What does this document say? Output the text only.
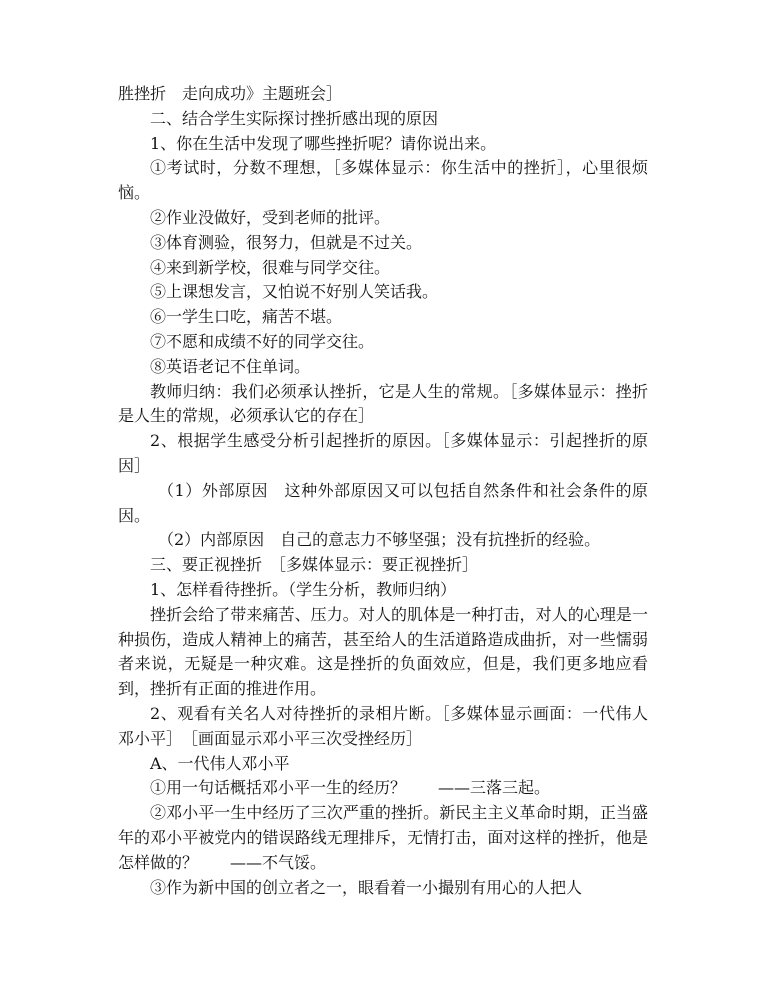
胜挫折　走向成功》主题班会］

二、结合学生实际探讨挫折感出现的原因

1、你在生活中发现了哪些挫折呢？请你说出来。

①考试时，分数不理想，［多媒体显示：你生活中的挫折］，心里很烦恼。

②作业没做好，受到老师的批评。

③体育测验，很努力，但就是不过关。

④来到新学校，很难与同学交往。

⑤上课想发言，又怕说不好别人笑话我。

⑥一学生口吃，痛苦不堪。

⑦不愿和成绩不好的同学交往。

⑧英语老记不住单词。

教师归纳：我们必须承认挫折，它是人生的常规。［多媒体显示：挫折是人生的常规，必须承认它的存在］

2、根据学生感受分析引起挫折的原因。［多媒体显示：引起挫折的原因］

（1）外部原因　这种外部原因又可以包括自然条件和社会条件的原因。

（2）内部原因　自己的意志力不够坚强；没有抗挫折的经验。

三、要正视挫折　［多媒体显示：要正视挫折］

1、怎样看待挫折。（学生分析，教师归纳）

挫折会给了带来痛苦、压力。对人的肌体是一种打击，对人的心理是一种损伤，造成人精神上的痛苦，甚至给人的生活道路造成曲折，对一些懦弱者来说，无疑是一种灾难。这是挫折的负面效应，但是，我们更多地应看到，挫折有正面的推进作用。

2、观看有关名人对待挫折的录相片断。［多媒体显示画面：一代伟人邓小平］　［画面显示邓小平三次受挫经历］

A、一代伟人邓小平

①用一句话概括邓小平一生的经历？　　——三落三起。

②邓小平一生中经历了三次严重的挫折。新民主主义革命时期，正当盛年的邓小平被党内的错误路线无理排斥，无情打击，面对这样的挫折，他是怎样做的？　　——不气馁。

③作为新中国的创立者之一，眼看着一小撮别有用心的人把人
